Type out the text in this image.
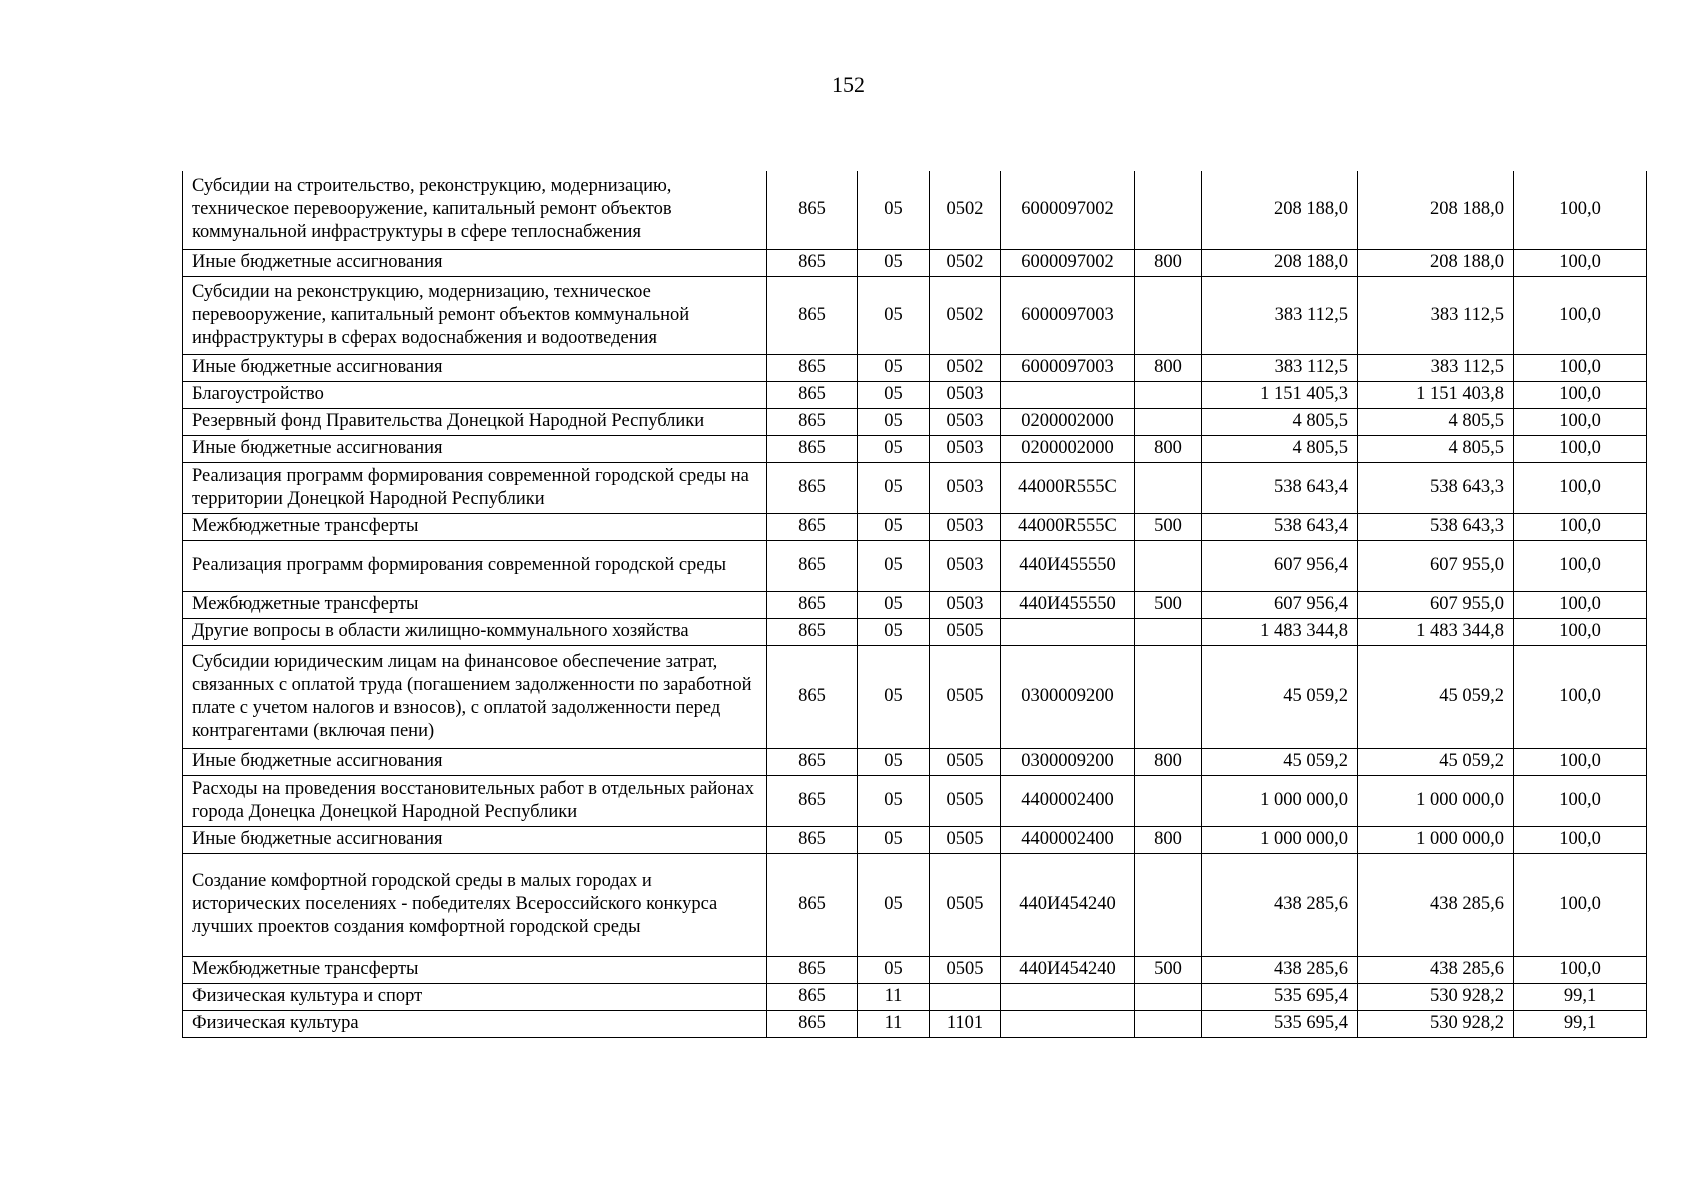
152
Субсидии на строительство, реконструкцию, модернизацию, техническое перевооружение, капитальный ремонт объектов коммунальной инфраструктуры в сфере теплоснабжения	865	05	0502	6000097002		208 188,0	208 188,0	100,0
Иные бюджетные ассигнования	865	05	0502	6000097002	800	208 188,0	208 188,0	100,0
Субсидии на реконструкцию, модернизацию, техническое перевооружение, капитальный ремонт объектов коммунальной инфраструктуры в сферах водоснабжения и водоотведения	865	05	0502	6000097003		383 112,5	383 112,5	100,0
Иные бюджетные ассигнования	865	05	0502	6000097003	800	383 112,5	383 112,5	100,0
Благоустройство	865	05	0503			1 151 405,3	1 151 403,8	100,0
Резервный фонд Правительства Донецкой Народной Республики	865	05	0503	0200002000		4 805,5	4 805,5	100,0
Иные бюджетные ассигнования	865	05	0503	0200002000	800	4 805,5	4 805,5	100,0
Реализация программ формирования современной городской среды на территории Донецкой Народной Республики	865	05	0503	44000R555C		538 643,4	538 643,3	100,0
Межбюджетные трансферты	865	05	0503	44000R555C	500	538 643,4	538 643,3	100,0
Реализация программ формирования современной городской среды	865	05	0503	440И455550		607 956,4	607 955,0	100,0
Межбюджетные трансферты	865	05	0503	440И455550	500	607 956,4	607 955,0	100,0
Другие вопросы в области жилищно-коммунального хозяйства	865	05	0505			1 483 344,8	1 483 344,8	100,0
Субсидии юридическим лицам на финансовое обеспечение затрат, связанных с оплатой труда (погашением задолженности по заработной плате с учетом налогов и взносов), с оплатой задолженности перед контрагентами (включая пени)	865	05	0505	0300009200		45 059,2	45 059,2	100,0
Иные бюджетные ассигнования	865	05	0505	0300009200	800	45 059,2	45 059,2	100,0
Расходы на проведения восстановительных работ в отдельных районах города Донецка Донецкой Народной Республики	865	05	0505	4400002400		1 000 000,0	1 000 000,0	100,0
Иные бюджетные ассигнования	865	05	0505	4400002400	800	1 000 000,0	1 000 000,0	100,0
Создание комфортной городской среды в малых городах и исторических поселениях - победителях Всероссийского конкурса лучших проектов создания комфортной городской среды	865	05	0505	440И454240		438 285,6	438 285,6	100,0
Межбюджетные трансферты	865	05	0505	440И454240	500	438 285,6	438 285,6	100,0
Физическая культура и спорт	865	11				535 695,4	530 928,2	99,1
Физическая культура	865	11	1101			535 695,4	530 928,2	99,1
